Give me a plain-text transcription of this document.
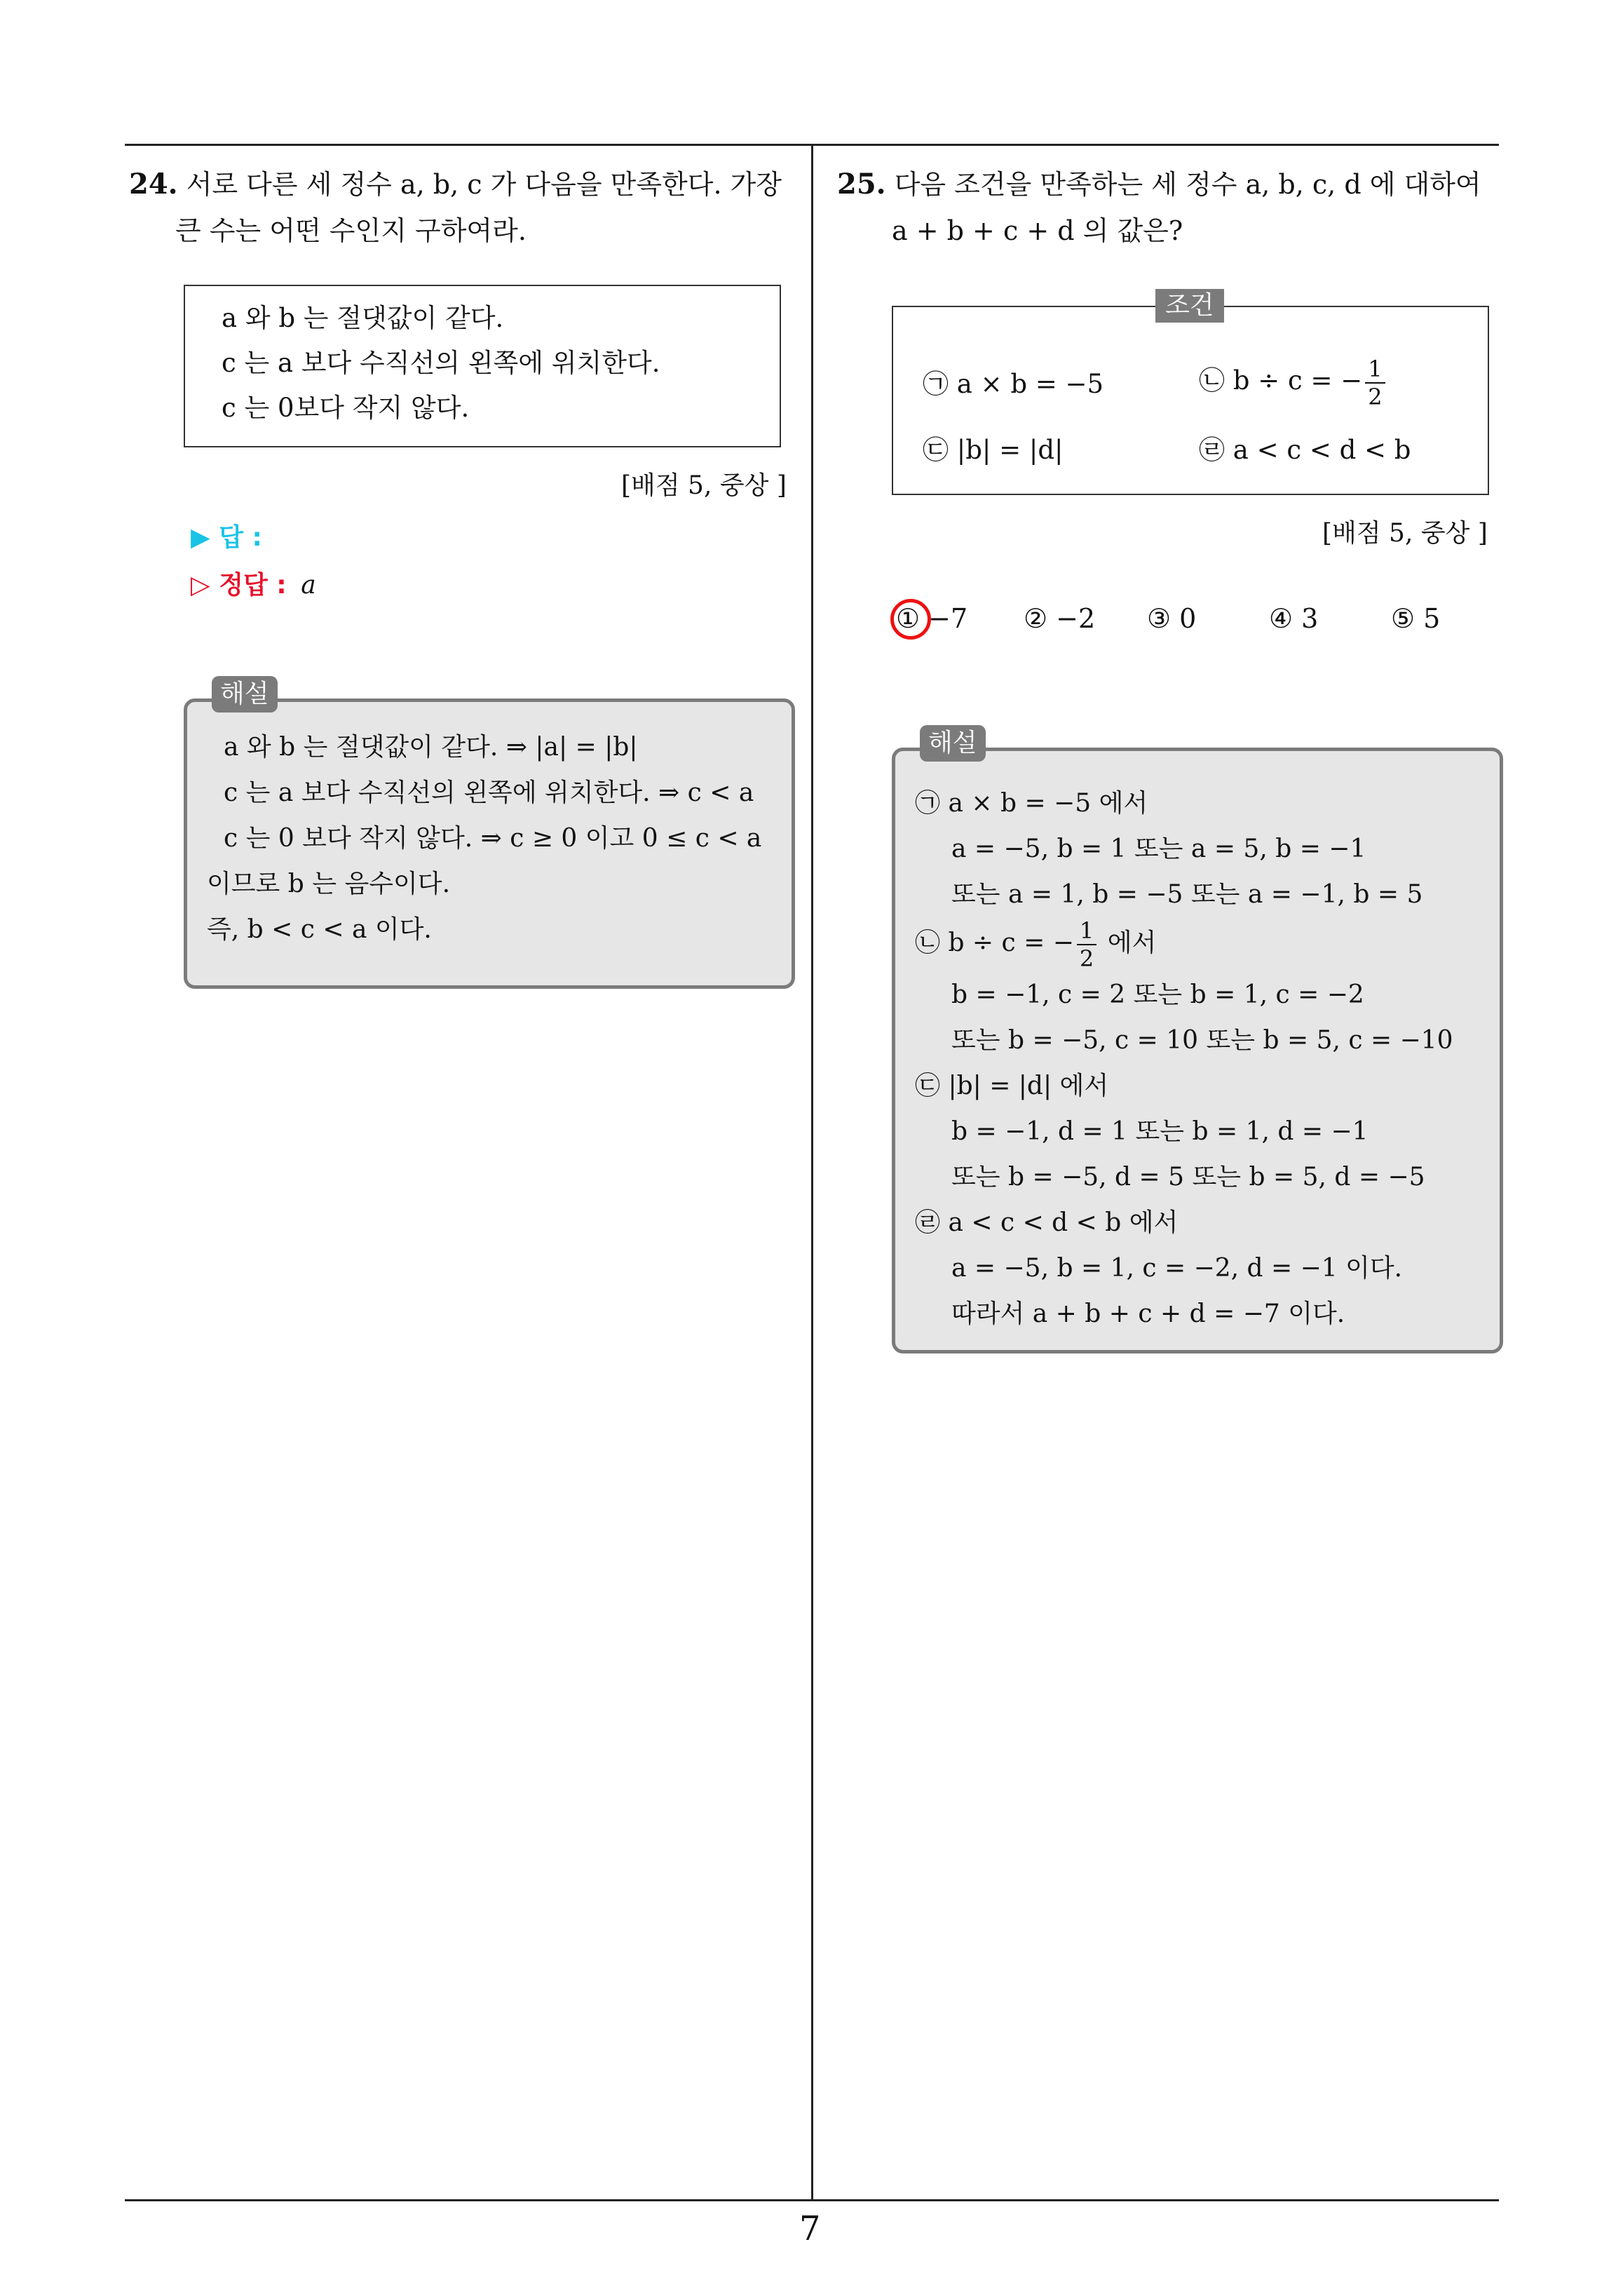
24. 서로 다른 세 정수 a, b, c 가 다음을 만족한다. 가장

큰 수는 어떤 수인지 구하여라.

a 와 b 는 절댓값이 같다.
c 는 a 보다 수직선의 왼쪽에 위치한다.
c 는 0보다 작지 않다.
[배점 5, 중상 ]
▶ 답 :
▷ 정답 : a
a 와 b 는 절댓값이 같다. ⇒ |a| = |b|
c 는 a 보다 수직선의 왼쪽에 위치한다. ⇒ c < a
c 는 0 보다 작지 않다. ⇒ c ≥ 0 이고 0 ≤ c < a
이므로 b 는 음수이다.
즉, b < c < a 이다.
해설

25. 다음 조건을 만족하는 세 정수 a, b, c, d 에 대하여

a + b + c + d 의 값은?

㉠ a × b = −5	㉡ b ÷ c = − $\frac{1}{2}$
㉢ |b| = |d|	㉣ a < c < d < b
조건
[배점 5, 중상 ]
① −7 ② −2 ③ 0	④ 3	⑤ 5
㉠ a × b = −5 에서
a = −5, b = 1 또는 a = 5, b = −1
또는 a = 1, b = −5 또는 a = −1, b = 5
㉡ b ÷ c = − $\frac{1}{2}$ 에서
b = −1, c = 2 또는 b = 1, c = −2
또는 b = −5, c = 10 또는 b = 5, c = −10
㉢ |b| = |d| 에서
b = −1, d = 1 또는 b = 1, d = −1
또는 b = −5, d = 5 또는 b = 5, d = −5
㉣ a < c < d < b 에서
a = −5, b = 1, c = −2, d = −1 이다.
따라서 a + b + c + d = −7 이다.
해설
7
